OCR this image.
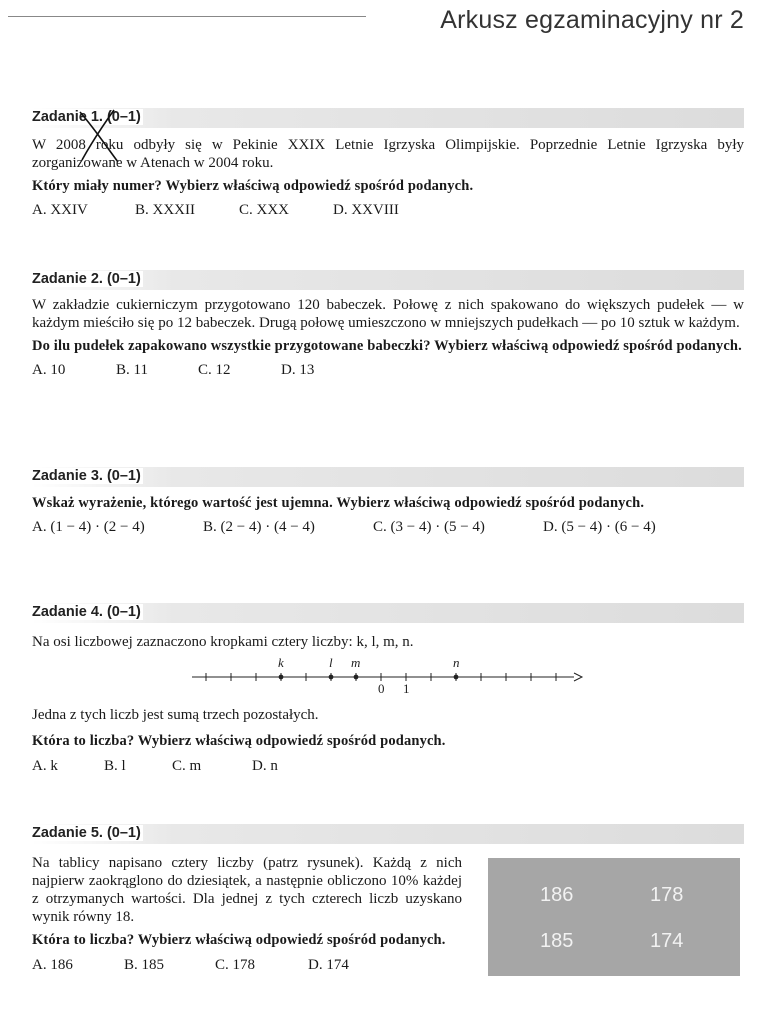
Arkusz egzaminacyjny nr 2
Zadanie 1. (0–1)
W 2008 roku odbyły się w Pekinie XXIX Letnie Igrzyska Olimpijskie. Poprzednie Letnie Igrzyska były zorganizowane w Atenach w 2004 roku.
Który miały numer? Wybierz właściwą odpowiedź spośród podanych.
A. XXIV	B. XXXII	C. XXX	D. XXVIII
Zadanie 2. (0–1)
W zakładzie cukierniczym przygotowano 120 babeczek. Połowę z nich spakowano do większych pudełek — w każdym mieściło się po 12 babeczek. Drugą połowę umieszczono w mniejszych pudełkach — po 10 sztuk w każdym.
Do ilu pudełek zapakowano wszystkie przygotowane babeczki? Wybierz właściwą odpowiedź spośród podanych.
A. 10	B. 11	C. 12	D. 13
Zadanie 3. (0–1)
Wskaż wyrażenie, którego wartość jest ujemna. Wybierz właściwą odpowiedź spośród podanych.
A. (1 − 4) · (2 − 4)	B. (2 − 4) · (4 − 4)	C. (3 − 4) · (5 − 4)	D. (5 − 4) · (6 − 4)
Zadanie 4. (0–1)
Na osi liczbowej zaznaczono kropkami cztery liczby: k, l, m, n.
k	l m	n
0 1
Jedna z tych liczb jest sumą trzech pozostałych.
Która to liczba? Wybierz właściwą odpowiedź spośród podanych.
A. k	B. l	C. m	D. n
Zadanie 5. (0–1)
Na tablicy napisano cztery liczby (patrz rysunek). Każdą z nich najpierw zaokrąglono do dziesiątek, a następnie obliczono 10% każdej z otrzymanych wartości. Dla jednej z tych czterech liczb uzyskano wynik równy 18.
Która to liczba? Wybierz właściwą odpowiedź spośród podanych.
A. 186	B. 185	C. 178	D. 174
186	178
185	174
